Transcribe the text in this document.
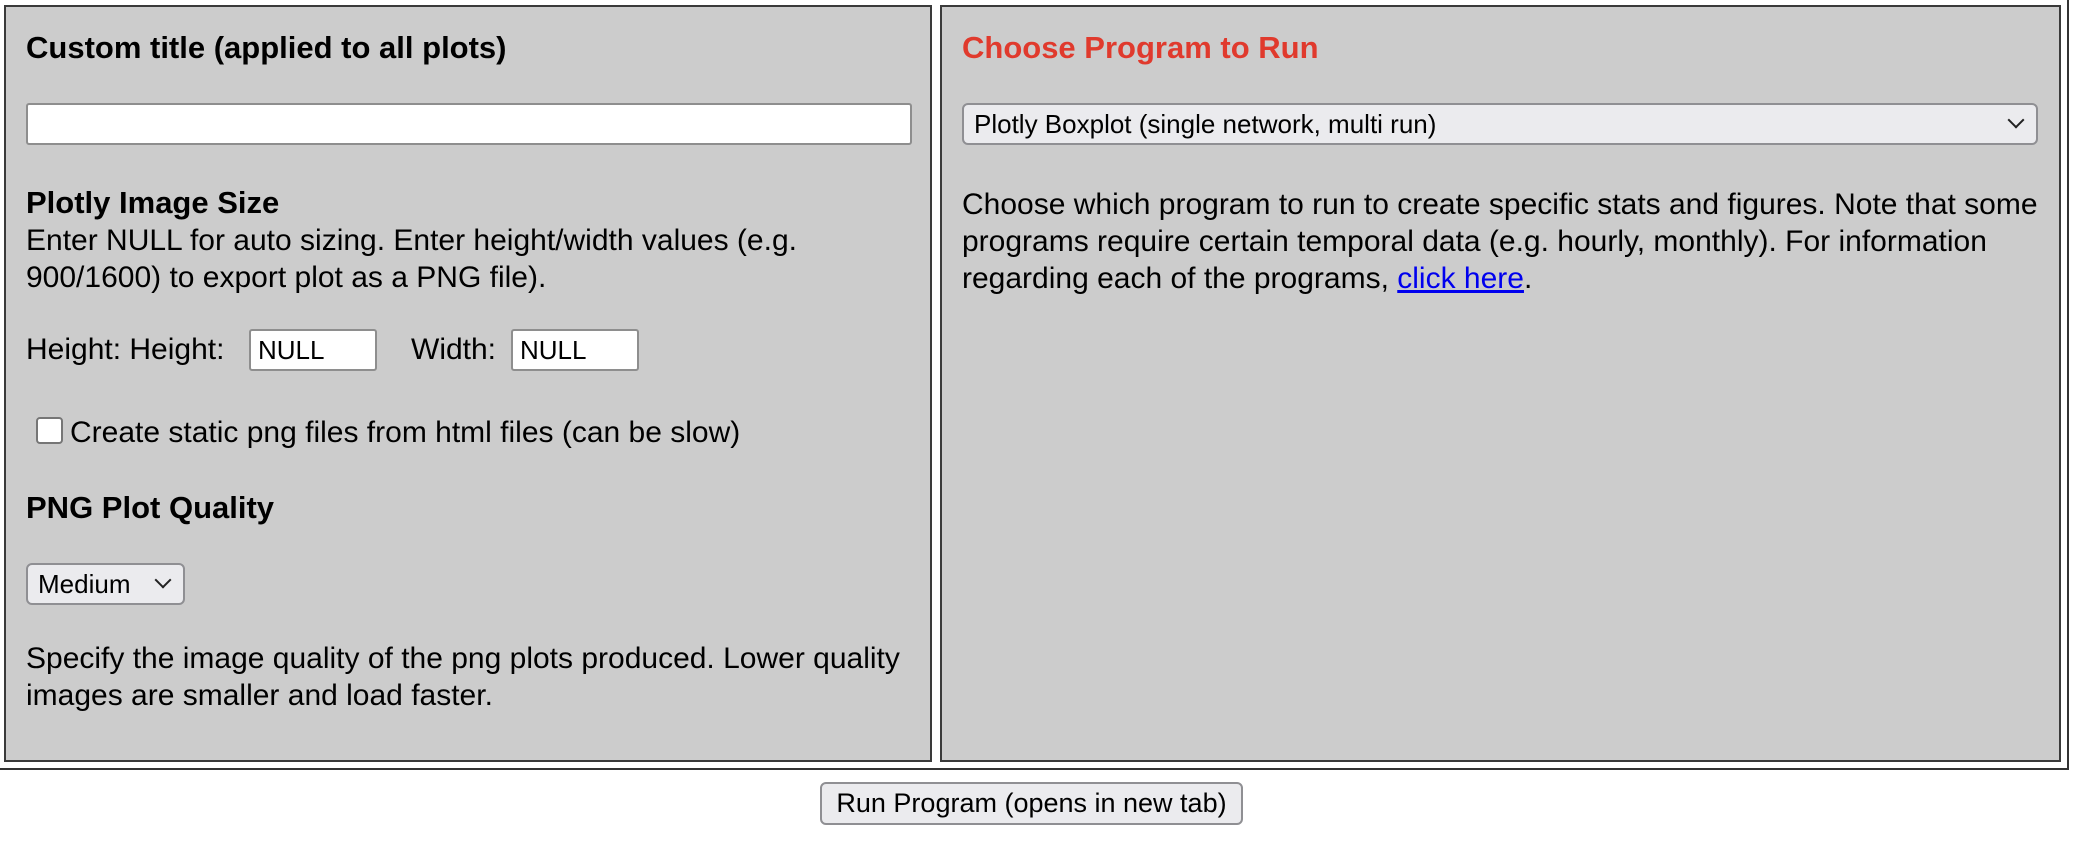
Custom title (applied to all plots)
Plotly Image Size
Enter NULL for auto sizing. Enter height/width values (e.g. 900/1600) to export plot as a PNG file).
Height: Height:
NULL	Width:
NULL
Create static png files from html files (can be slow)
PNG Plot Quality
Medium
Specify the image quality of the png plots produced. Lower quality images are smaller and load faster.
Choose Program to Run
Plotly Boxplot (single network, multi run)
Choose which program to run to create specific stats and figures. Note that some programs require certain temporal data (e.g. hourly, monthly). For information regarding each of the programs, click here.
Run Program (opens in new tab)
